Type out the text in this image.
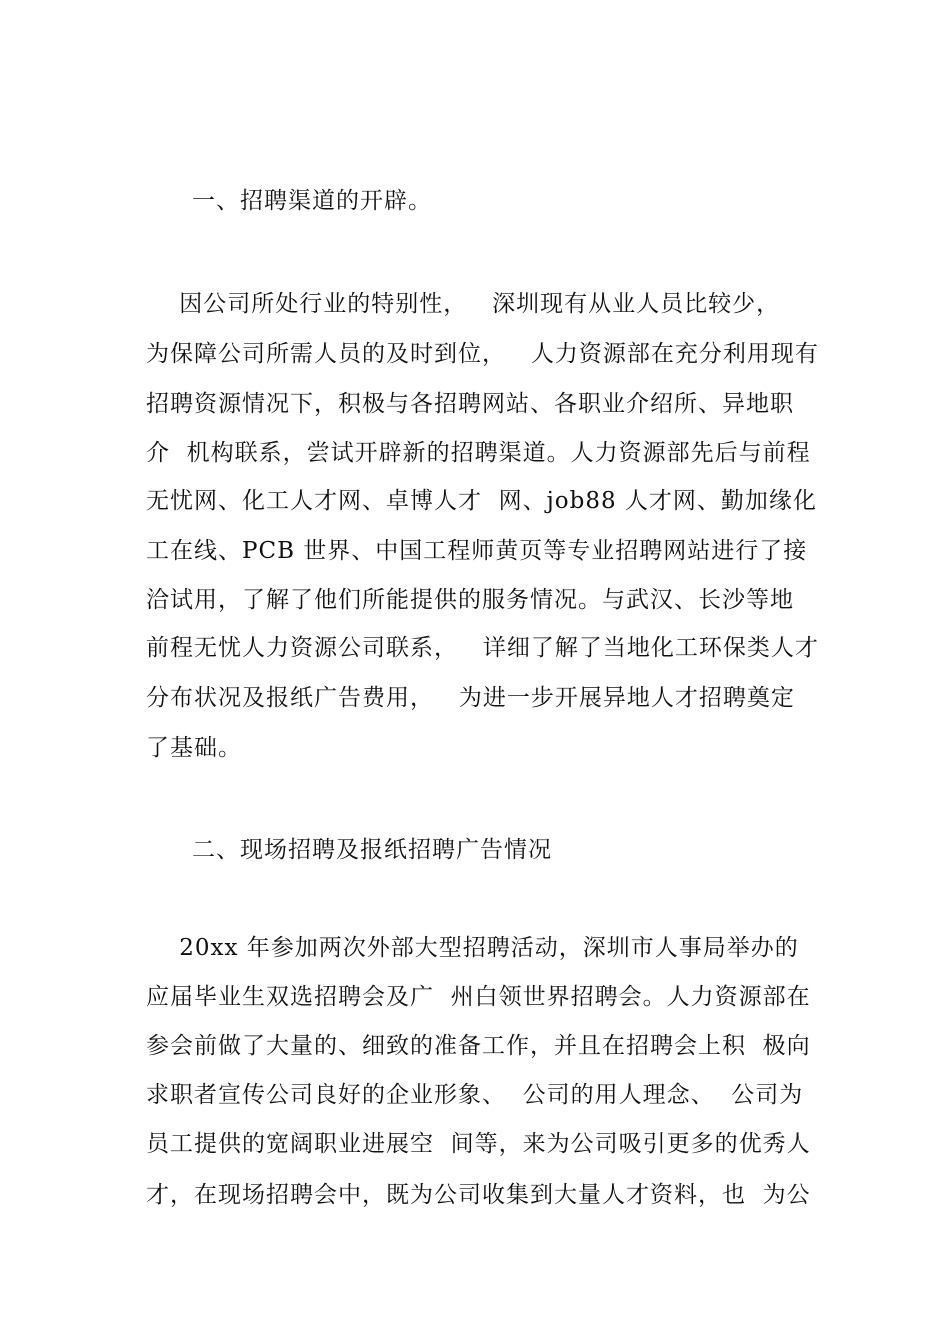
一、招聘渠道的开辟。
因公司所处行业的特别性，   深圳现有从业人员比较少，
为保障公司所需人员的及时到位，   人力资源部在充分利用现有
招聘资源情况下，积极与各招聘网站、各职业介绍所、异地职
介  机构联系，尝试开辟新的招聘渠道。人力资源部先后与前程
无忧网、化工人才网、卓博人才  网、job88 人才网、勤加缘化
工在线、PCB 世界、中国工程师黄页等专业招聘网站进行了接
洽试用，了解了他们所能提供的服务情况。与武汉、长沙等地
前程无忧人力资源公司联系，   详细了解了当地化工环保类人才
分布状况及报纸广告费用，   为进一步开展异地人才招聘奠定
了基础。
二、现场招聘及报纸招聘广告情况
20xx 年参加两次外部大型招聘活动，深圳市人事局举办的
应届毕业生双选招聘会及广  州白领世界招聘会。人力资源部在
参会前做了大量的、细致的准备工作，并且在招聘会上积  极向
求职者宣传公司良好的企业形象、  公司的用人理念、  公司为
员工提供的宽阔职业进展空  间等，来为公司吸引更多的优秀人
才，在现场招聘会中，既为公司收集到大量人才资料，也  为公
